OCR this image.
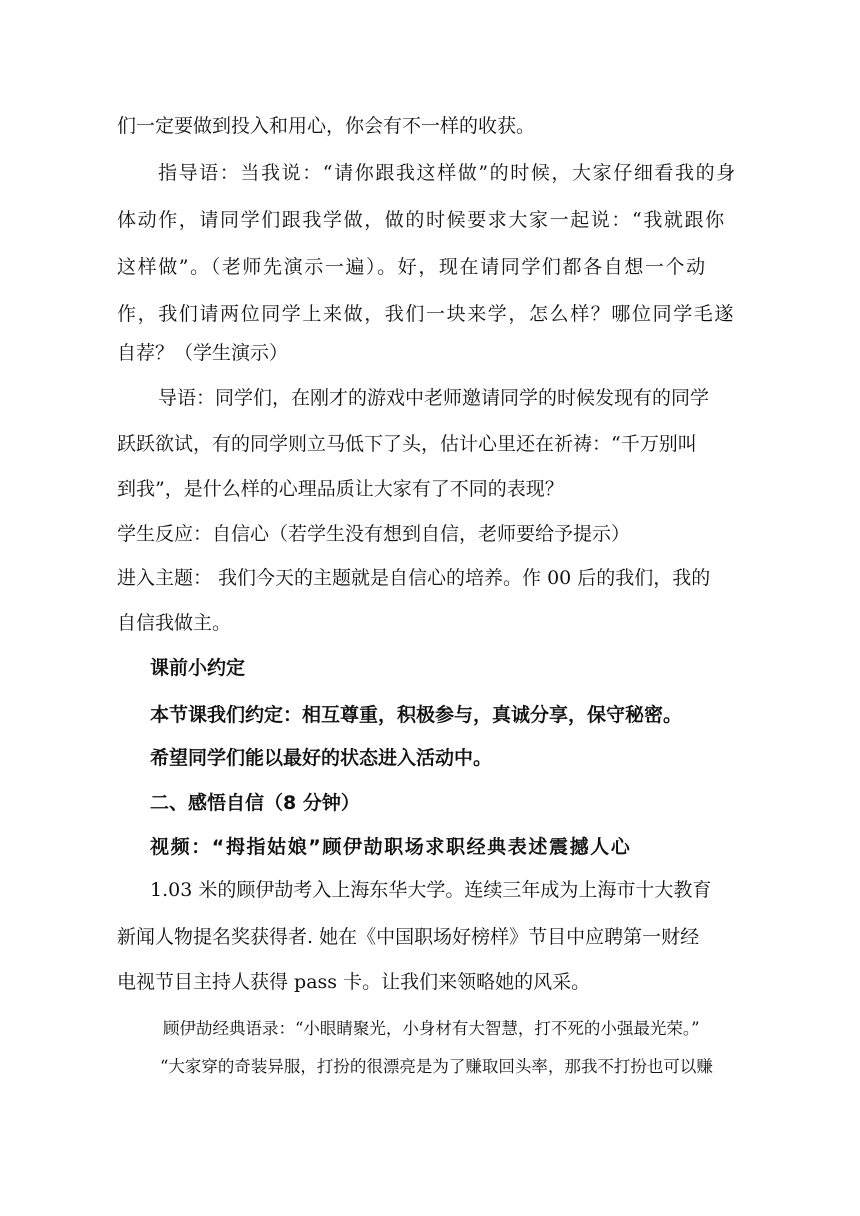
们一定要做到投入和用心，你会有不一样的收获。
指导语：当我说：“请你跟我这样做”的时候，大家仔细看我的身
体动作，请同学们跟我学做，做的时候要求大家一起说：“我就跟你
这样做”。（老师先演示一遍）。好，现在请同学们都各自想一个动
作，我们请两位同学上来做，我们一块来学，怎么样？哪位同学毛遂
自荐？（学生演示）
导语：同学们，在刚才的游戏中老师邀请同学的时候发现有的同学
跃跃欲试，有的同学则立马低下了头，估计心里还在祈祷：“千万别叫
到我”，是什么样的心理品质让大家有了不同的表现？
学生反应：自信心（若学生没有想到自信，老师要给予提示）
进入主题： 我们今天的主题就是自信心的培养。作 00 后的我们，我的
自信我做主。
课前小约定
本节课我们约定：相互尊重，积极参与，真诚分享，保守秘密。
希望同学们能以最好的状态进入活动中。
二、感悟自信（8 分钟）
视频：“拇指姑娘”顾伊劼职场求职经典表述震撼人心
1.03 米的顾伊劼考入上海东华大学。连续三年成为上海市十大教育
新闻人物提名奖获得者. 她在《中国职场好榜样》节目中应聘第一财经
电视节目主持人获得 pass 卡。让我们来领略她的风采。
顾伊劼经典语录：“小眼睛聚光，小身材有大智慧，打不死的小强最光荣。”
“大家穿的奇装异服，打扮的很漂亮是为了赚取回头率，那我不打扮也可以赚
